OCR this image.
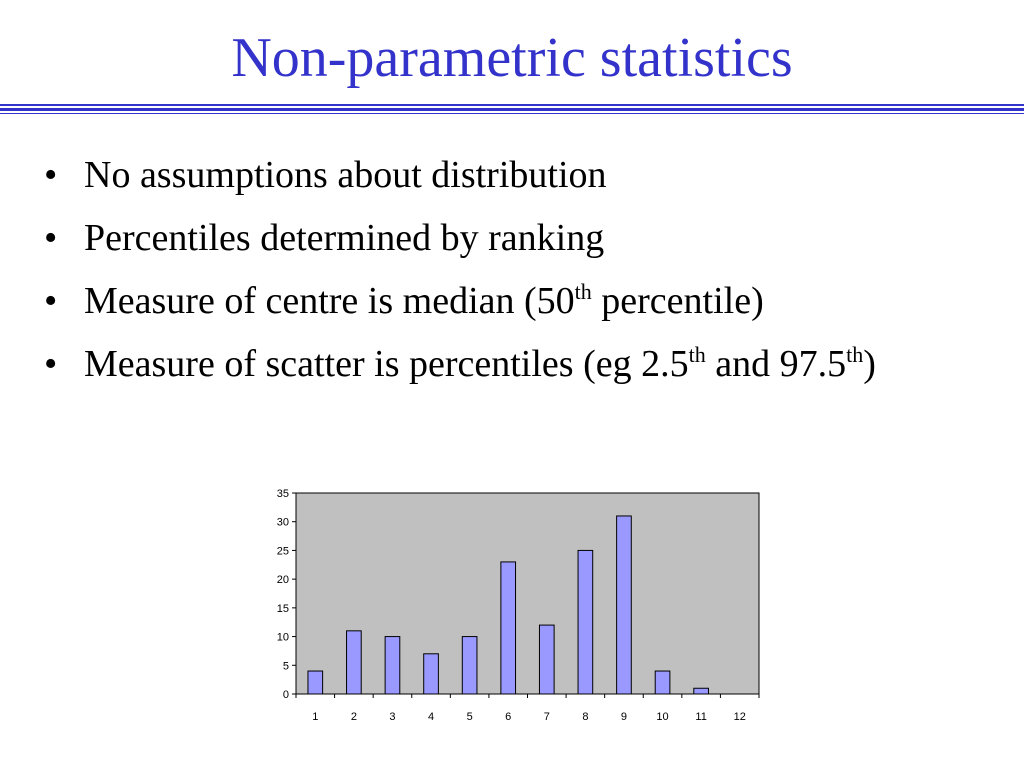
Non-parametric statistics
• No assumptions about distribution
• Percentiles determined by ranking
• Measure of centre is median (50th percentile)
• Measure of scatter is percentiles (eg 2.5th and 97.5th)
0
5
10
15
20
25
30
35
1	2	3	4	5	6	7	8	9	10 11 12
